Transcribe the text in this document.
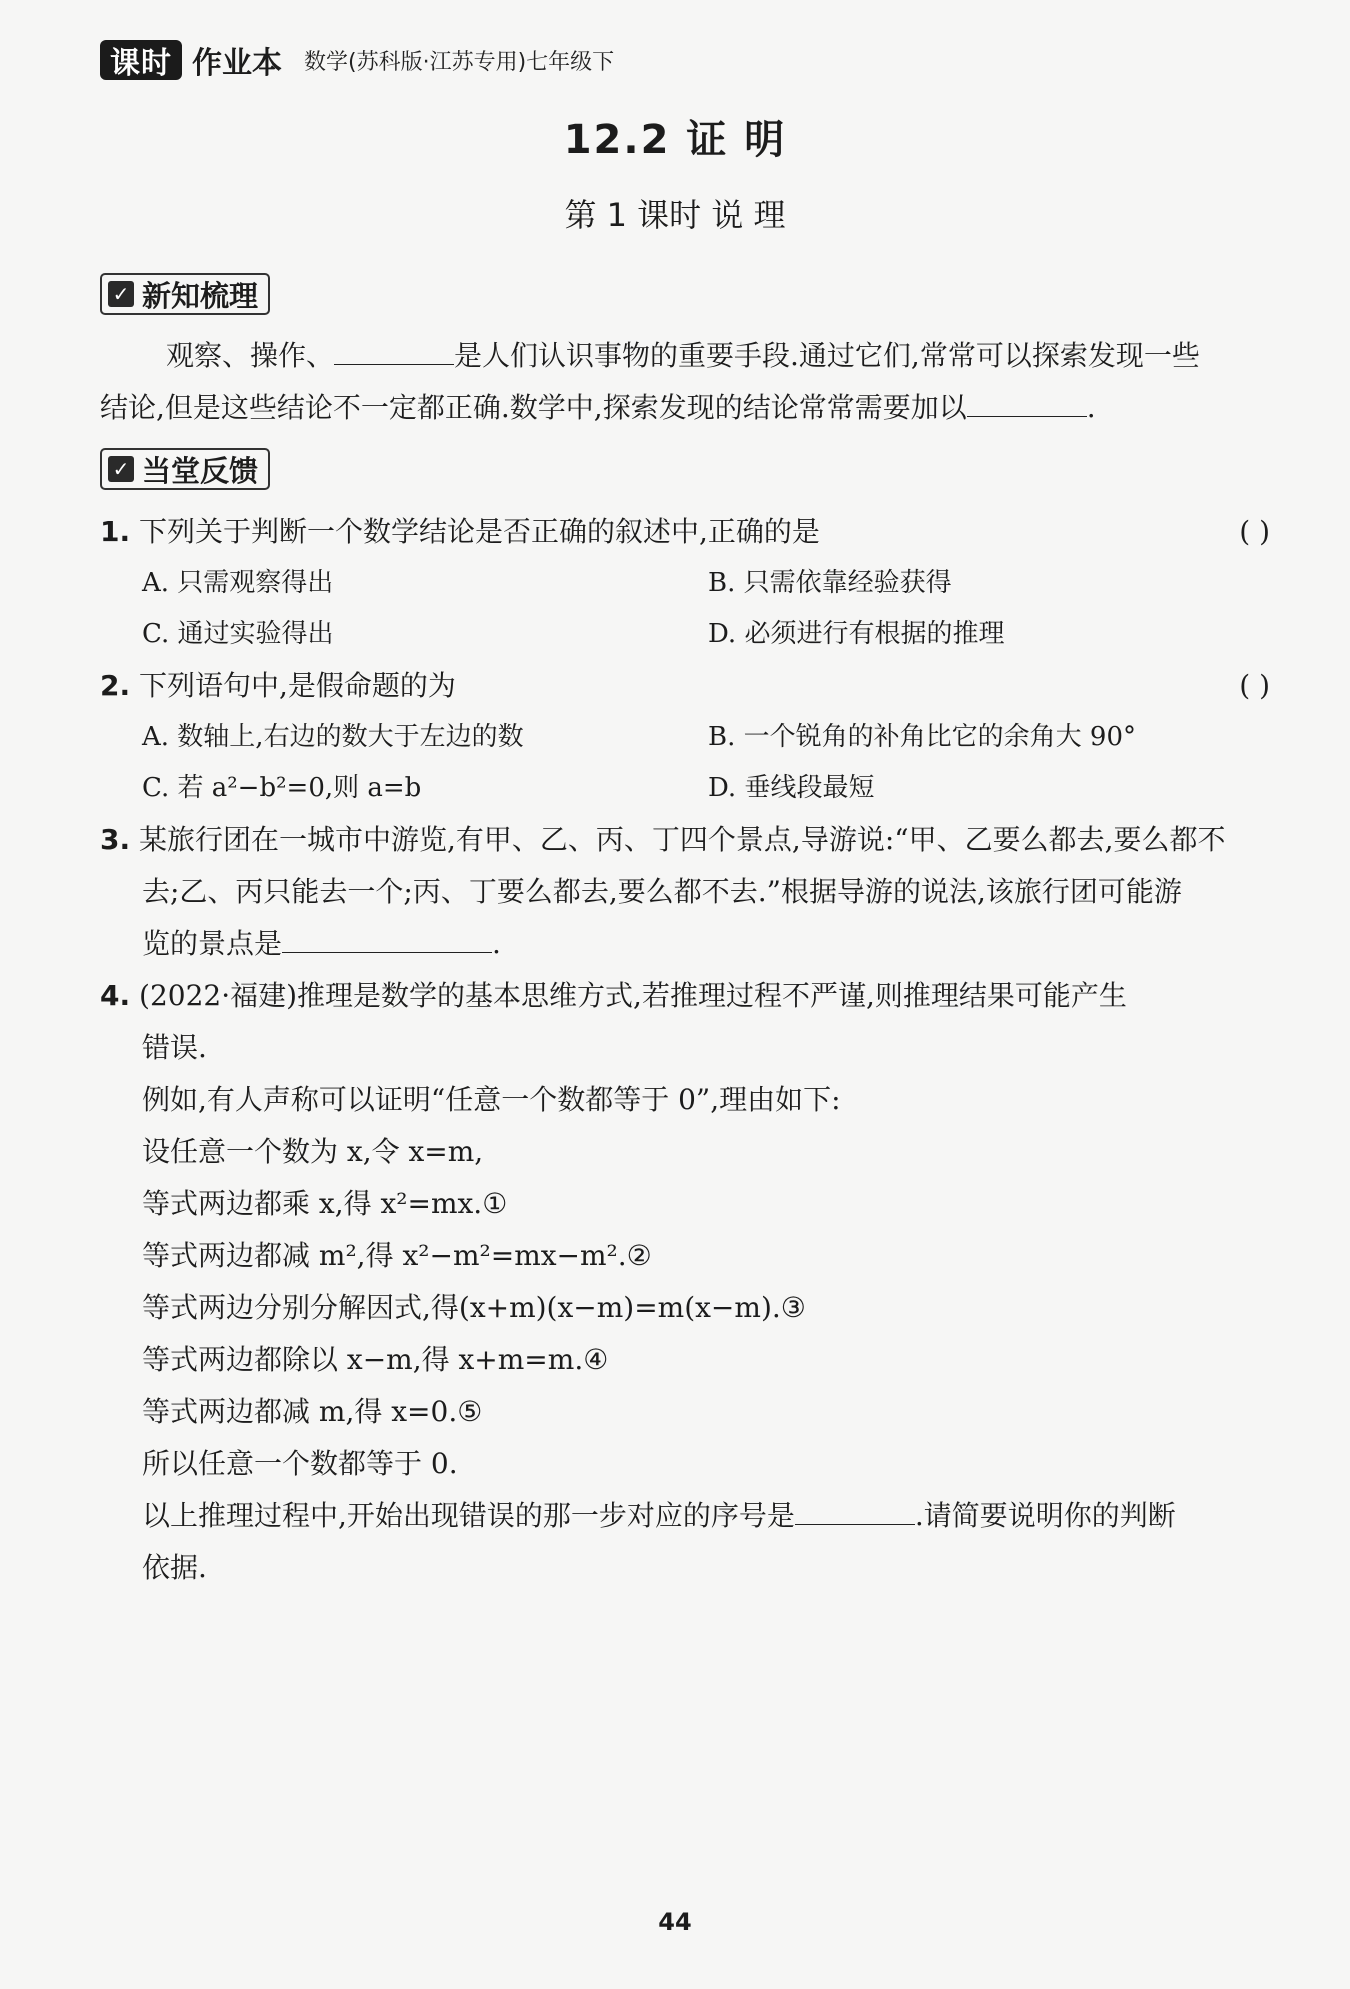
课时 作业本 数学(苏科版·江苏专用)七年级下
12.2 证 明
第 1 课时 说 理
✓ 新知梳理
观察、操作、	是人们认识事物的重要手段.通过它们,常常可以探索发现一些
结论,但是这些结论不一定都正确.数学中,探索发现的结论常常需要加以	.
✓ 当堂反馈
1. 下列关于判断一个数学结论是否正确的叙述中,正确的是	( )
A. 只需观察得出	B. 只需依靠经验获得
C. 通过实验得出	D. 必须进行有根据的推理
2. 下列语句中,是假命题的为	( )
A. 数轴上,右边的数大于左边的数	B. 一个锐角的补角比它的余角大 90°
C. 若 a²−b²=0,则 a=b	D. 垂线段最短
3. 某旅行团在一城市中游览,有甲、乙、丙、丁四个景点,导游说:“甲、乙要么都去,要么都不
去;乙、丙只能去一个;丙、丁要么都去,要么都不去.”根据导游的说法,该旅行团可能游
览的景点是	.
4. (2022·福建)推理是数学的基本思维方式,若推理过程不严谨,则推理结果可能产生
错误.
例如,有人声称可以证明“任意一个数都等于 0”,理由如下:
设任意一个数为 x,令 x=m,
等式两边都乘 x,得 x²=mx.①
等式两边都减 m²,得 x²−m²=mx−m².②
等式两边分别分解因式,得(x+m)(x−m)=m(x−m).③
等式两边都除以 x−m,得 x+m=m.④
等式两边都减 m,得 x=0.⑤
所以任意一个数都等于 0.
以上推理过程中,开始出现错误的那一步对应的序号是	.请简要说明你的判断
依据.
44
